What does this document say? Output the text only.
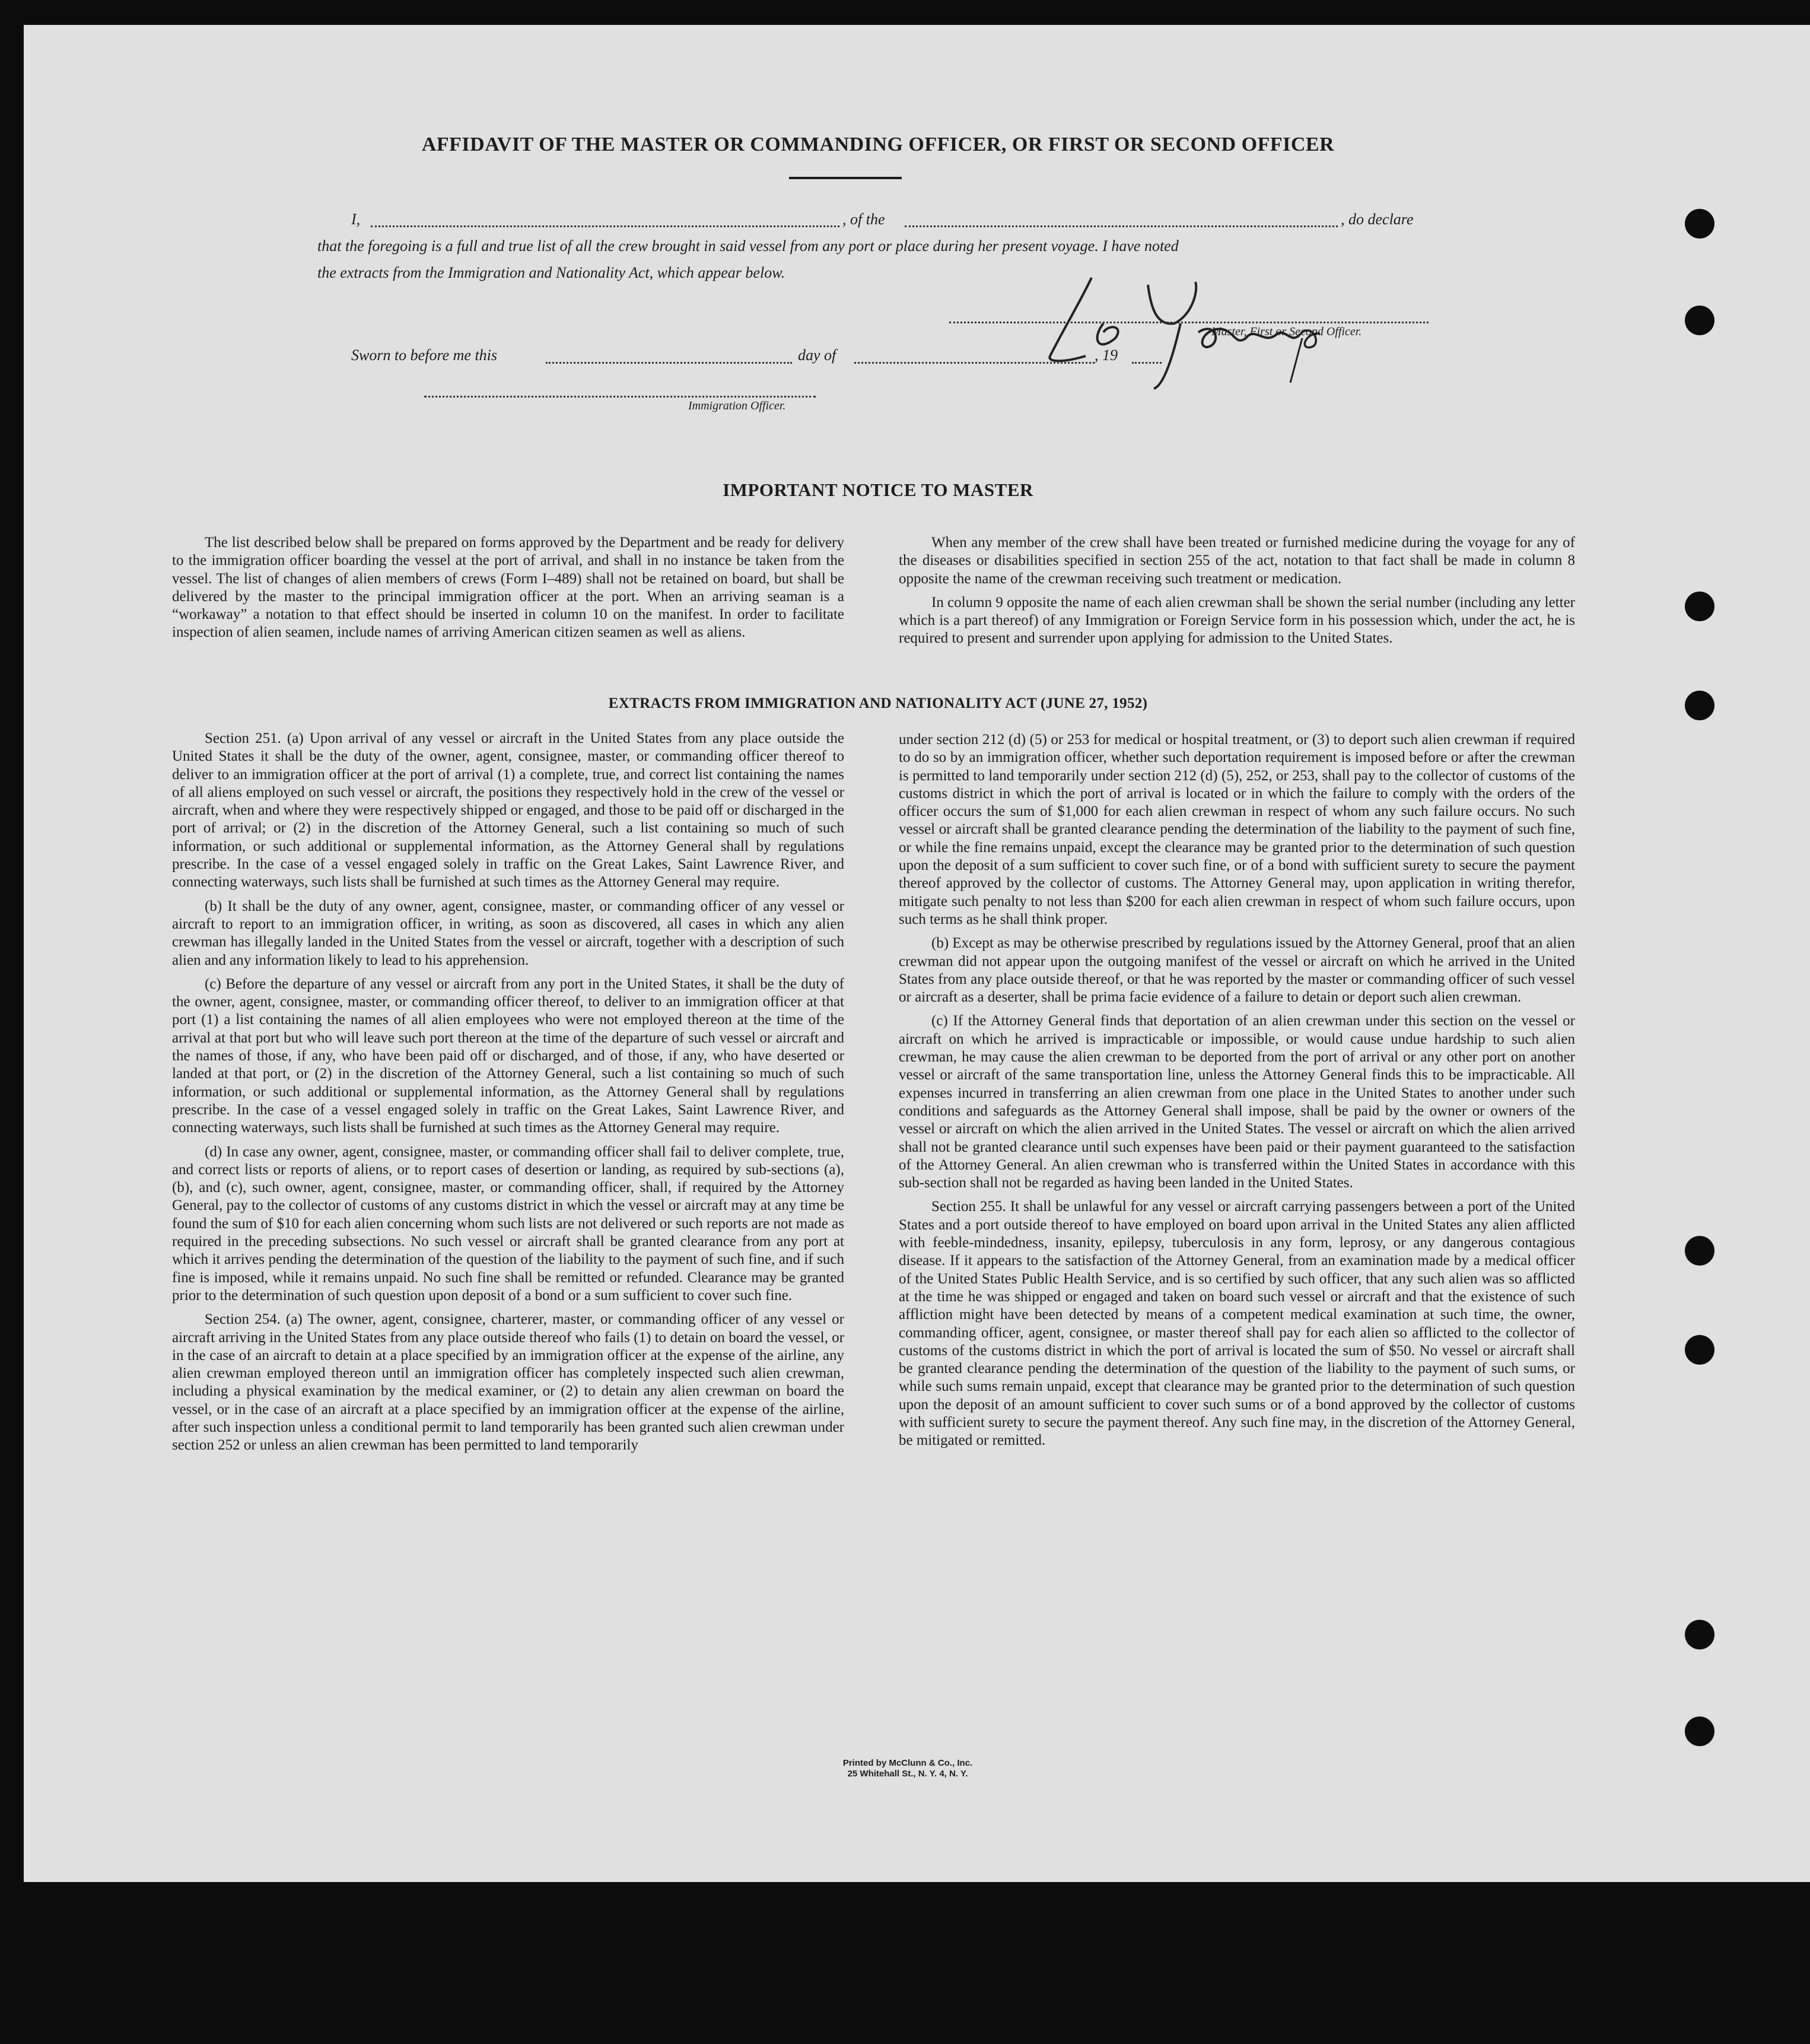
AFFIDAVIT OF THE MASTER OR COMMANDING OFFICER, OR FIRST OR SECOND OFFICER
I,	, of the	, do declare
that the foregoing is a full and true list of all the crew brought in said vessel from any port or place during her present voyage. I have noted
the extracts from the Immigration and Nationality Act, which appear below.
Master, First or Second Officer.
Sworn to before me this	day of	, 19
Immigration Officer.
IMPORTANT NOTICE TO MASTER

The list described below shall be prepared on forms approved by the Department and be ready for delivery to the immigration officer boarding the vessel at the port of arrival, and shall in no instance be taken from the vessel. The list of changes of alien members of crews (Form I–489) shall not be retained on board, but shall be delivered by the master to the principal immigration officer at the port. When an arriving seaman is a “workaway” a notation to that effect should be inserted in column 10 on the manifest. In order to facilitate inspection of alien seamen, include names of arriving American citizen seamen as well as aliens.

When any member of the crew shall have been treated or furnished medicine during the voyage for any of the diseases or disabilities specified in section 255 of the act, notation to that fact shall be made in column 8 opposite the name of the crewman receiving such treatment or medication.

In column 9 opposite the name of each alien crewman shall be shown the serial number (including any letter which is a part thereof) of any Immigration or Foreign Service form in his possession which, under the act, he is required to present and surrender upon applying for admission to the United States.

EXTRACTS FROM IMMIGRATION AND NATIONALITY ACT (JUNE 27, 1952)

Section 251. (a) Upon arrival of any vessel or aircraft in the United States from any place outside the United States it shall be the duty of the owner, agent, consignee, master, or commanding officer thereof to deliver to an immigration officer at the port of arrival (1) a complete, true, and correct list containing the names of all aliens employed on such vessel or aircraft, the positions they respectively hold in the crew of the vessel or aircraft, when and where they were respectively shipped or engaged, and those to be paid off or discharged in the port of arrival; or (2) in the discretion of the Attorney General, such a list containing so much of such information, or such additional or supplemental information, as the Attorney General shall by regulations prescribe. In the case of a vessel engaged solely in traffic on the Great Lakes, Saint Lawrence River, and connecting waterways, such lists shall be furnished at such times as the Attorney General may require.

(b) It shall be the duty of any owner, agent, consignee, master, or commanding officer of any vessel or aircraft to report to an immigration officer, in writing, as soon as discovered, all cases in which any alien crewman has illegally landed in the United States from the vessel or aircraft, together with a description of such alien and any information likely to lead to his apprehension.

(c) Before the departure of any vessel or aircraft from any port in the United States, it shall be the duty of the owner, agent, consignee, master, or commanding officer thereof, to deliver to an immigration officer at that port (1) a list containing the names of all alien employees who were not employed thereon at the time of the arrival at that port but who will leave such port thereon at the time of the departure of such vessel or aircraft and the names of those, if any, who have been paid off or discharged, and of those, if any, who have deserted or landed at that port, or (2) in the discretion of the Attorney General, such a list containing so much of such information, or such additional or supplemental information, as the Attorney General shall by regulations prescribe. In the case of a vessel engaged solely in traffic on the Great Lakes, Saint Lawrence River, and connecting waterways, such lists shall be furnished at such times as the Attorney General may require.

(d) In case any owner, agent, consignee, master, or commanding officer shall fail to deliver complete, true, and correct lists or reports of aliens, or to report cases of desertion or landing, as required by sub-sections (a), (b), and (c), such owner, agent, consignee, master, or commanding officer, shall, if required by the Attorney General, pay to the collector of customs of any customs district in which the vessel or aircraft may at any time be found the sum of $10 for each alien concerning whom such lists are not delivered or such reports are not made as required in the preceding subsections. No such vessel or aircraft shall be granted clearance from any port at which it arrives pending the determination of the question of the liability to the payment of such fine, and if such fine is imposed, while it remains unpaid. No such fine shall be remitted or refunded. Clearance may be granted prior to the determination of such question upon deposit of a bond or a sum sufficient to cover such fine.

Section 254. (a) The owner, agent, consignee, charterer, master, or commanding officer of any vessel or aircraft arriving in the United States from any place outside thereof who fails (1) to detain on board the vessel, or in the case of an aircraft to detain at a place specified by an immigration officer at the expense of the airline, any alien crewman employed thereon until an immigration officer has completely inspected such alien crewman, including a physical examination by the medical examiner, or (2) to detain any alien crewman on board the vessel, or in the case of an aircraft at a place specified by an immigration officer at the expense of the airline, after such inspection unless a conditional permit to land temporarily has been granted such alien crewman under section 252 or unless an alien crewman has been permitted to land temporarily

under section 212 (d) (5) or 253 for medical or hospital treatment, or (3) to deport such alien crewman if required to do so by an immigration officer, whether such deportation requirement is imposed before or after the crewman is permitted to land temporarily under section 212 (d) (5), 252, or 253, shall pay to the collector of customs of the customs district in which the port of arrival is located or in which the failure to comply with the orders of the officer occurs the sum of $1,000 for each alien crewman in respect of whom any such failure occurs. No such vessel or aircraft shall be granted clearance pending the determination of the liability to the payment of such fine, or while the fine remains unpaid, except the clearance may be granted prior to the determination of such question upon the deposit of a sum sufficient to cover such fine, or of a bond with sufficient surety to secure the payment thereof approved by the collector of customs. The Attorney General may, upon application in writing therefor, mitigate such penalty to not less than $200 for each alien crewman in respect of whom such failure occurs, upon such terms as he shall think proper.

(b) Except as may be otherwise prescribed by regulations issued by the Attorney General, proof that an alien crewman did not appear upon the outgoing manifest of the vessel or aircraft on which he arrived in the United States from any place outside thereof, or that he was reported by the master or commanding officer of such vessel or aircraft as a deserter, shall be prima facie evidence of a failure to detain or deport such alien crewman.

(c) If the Attorney General finds that deportation of an alien crewman under this section on the vessel or aircraft on which he arrived is impracticable or impossible, or would cause undue hardship to such alien crewman, he may cause the alien crewman to be deported from the port of arrival or any other port on another vessel or aircraft of the same transportation line, unless the Attorney General finds this to be impracticable. All expenses incurred in transferring an alien crewman from one place in the United States to another under such conditions and safeguards as the Attorney General shall impose, shall be paid by the owner or owners of the vessel or aircraft on which the alien arrived in the United States. The vessel or aircraft on which the alien arrived shall not be granted clearance until such expenses have been paid or their payment guaranteed to the satisfaction of the Attorney General. An alien crewman who is transferred within the United States in accordance with this sub-section shall not be regarded as having been landed in the United States.

Section 255. It shall be unlawful for any vessel or aircraft carrying passengers between a port of the United States and a port outside thereof to have employed on board upon arrival in the United States any alien afflicted with feeble-mindedness, insanity, epilepsy, tuberculosis in any form, leprosy, or any dangerous contagious disease. If it appears to the satisfaction of the Attorney General, from an examination made by a medical officer of the United States Public Health Service, and is so certified by such officer, that any such alien was so afflicted at the time he was shipped or engaged and taken on board such vessel or aircraft and that the existence of such affliction might have been detected by means of a competent medical examination at such time, the owner, commanding officer, agent, consignee, or master thereof shall pay for each alien so afflicted to the collector of customs of the customs district in which the port of arrival is located the sum of $50. No vessel or aircraft shall be granted clearance pending the determination of the question of the liability to the payment of such sums, or while such sums remain unpaid, except that clearance may be granted prior to the determination of such question upon the deposit of an amount sufficient to cover such sums or of a bond approved by the collector of customs with sufficient surety to secure the payment thereof. Any such fine may, in the discretion of the Attorney General, be mitigated or remitted.

Printed by McClunn & Co., Inc.
25 Whitehall St., N. Y. 4, N. Y.
